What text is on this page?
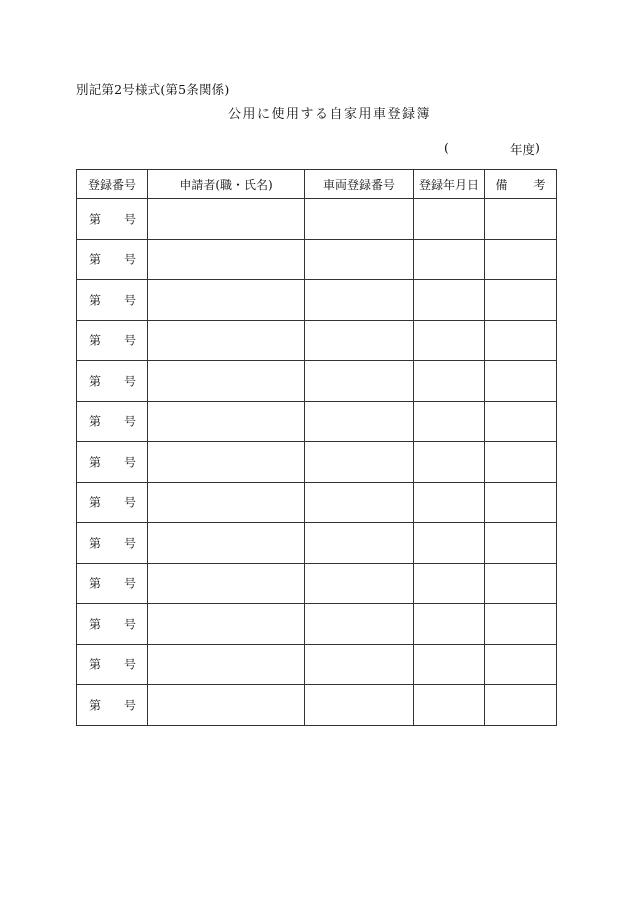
別記第2号様式(第5条関係)
公用に使用する自家用車登録簿
(	年度 )
登録番号	申請者(職・氏名)	車両登録番号	登録年月日	備 考

第 号				

第 号				

第 号				

第 号				

第 号				

第 号				

第 号				

第 号				

第 号				

第 号				

第 号				

第 号				

第 号				
